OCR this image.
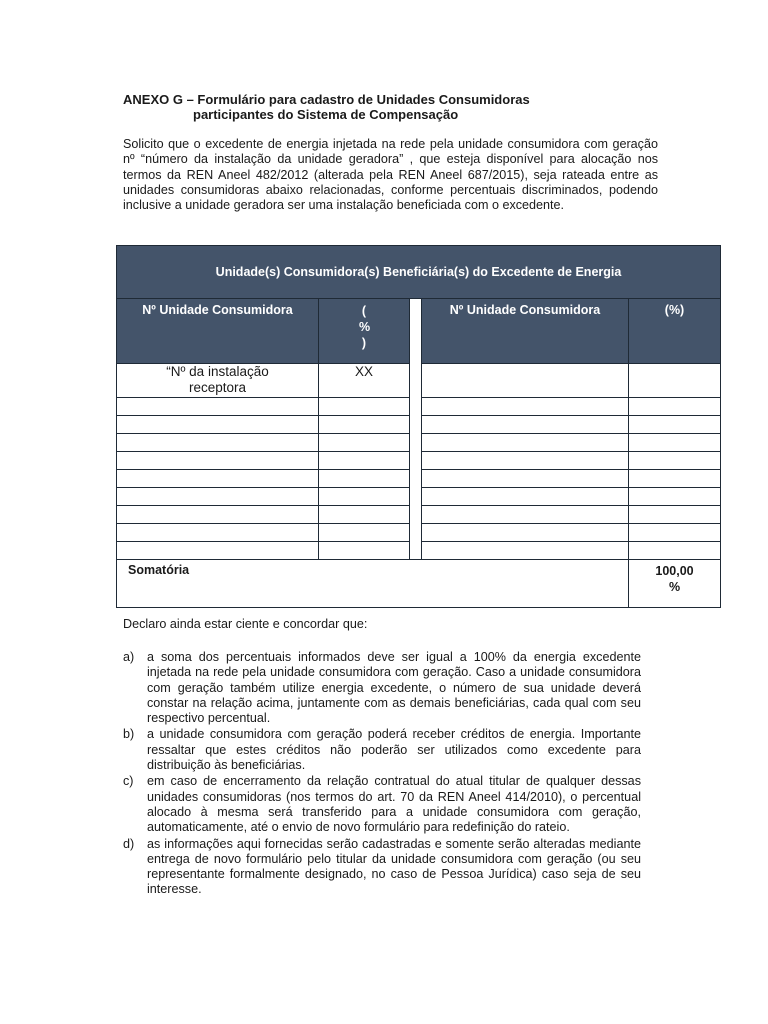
ANEXO G – Formulário para cadastro de Unidades Consumidoras
participantes do Sistema de Compensação

Solicito que o excedente de energia injetada na rede pela unidade consumidora com geração nº “número da instalação da unidade geradora” , que esteja disponível para alocação nos termos da REN Aneel 482/2012 (alterada pela REN Aneel 687/2015), seja rateada entre as unidades consumidoras abaixo relacionadas, conforme percentuais discriminados, podendo inclusive a unidade geradora ser uma instalação beneficiada com o excedente.

Unidade(s) Consumidora(s) Beneficiária(s) do Excedente de Energia				
Nº Unidade Consumidora	(
%
)		Nº Unidade Consumidora	(%)
“Nº da instalação receptora	XX			

Somatória				100,00
%
Declaro ainda estar ciente e concordar que:
a)	a soma dos percentuais informados deve ser igual a 100% da energia excedente injetada na rede pela unidade consumidora com geração. Caso a unidade consumidora com geração também utilize energia excedente, o número de sua unidade deverá constar na relação acima, juntamente com as demais beneficiárias, cada qual com seu respectivo percentual.
b)	a unidade consumidora com geração poderá receber créditos de energia. Importante ressaltar que estes créditos não poderão ser utilizados como excedente para distribuição às beneficiárias.
c)	em caso de encerramento da relação contratual do atual titular de qualquer dessas unidades consumidoras (nos termos do art. 70 da REN Aneel 414/2010), o percentual alocado à mesma será transferido para a unidade consumidora com geração, automaticamente, até o envio de novo formulário para redefinição do rateio.
d)	as informações aqui fornecidas serão cadastradas e somente serão alteradas mediante entrega de novo formulário pelo titular da unidade consumidora com geração (ou seu representante formalmente designado, no caso de Pessoa Jurídica) caso seja de seu interesse.
